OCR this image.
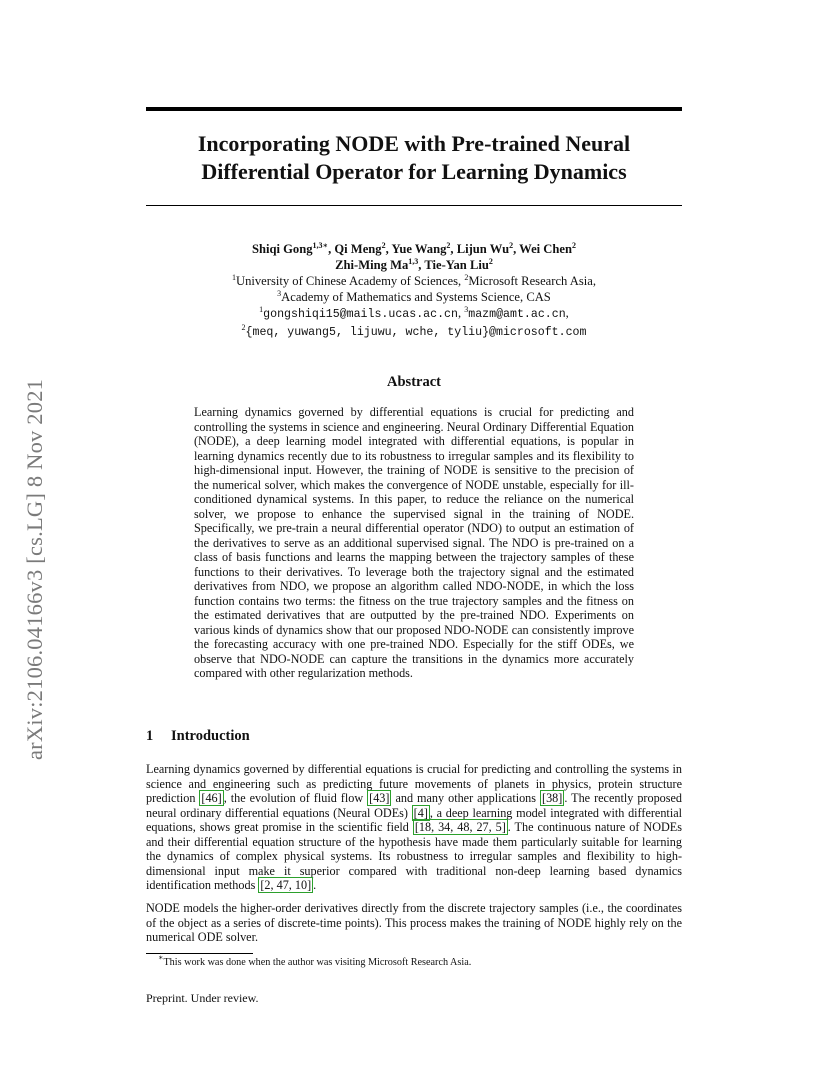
arXiv:2106.04166v3 [cs.LG] 8 Nov 2021
Incorporating NODE with Pre-trained Neural
Differential Operator for Learning Dynamics
Shiqi Gong$^{1,3∗}$, Qi Meng$^2$, Yue Wang$^2$, Lijun Wu$^2$, Wei Chen$^2$
Zhi-Ming Ma$^{1,3}$, Tie-Yan Liu$^2$
$^1$University of Chinese Academy of Sciences, $^2$Microsoft Research Asia,
$^3$Academy of Mathematics and Systems Science, CAS
$^1$gongshiqi15@mails.ucas.ac.cn, $^3$mazm@amt.ac.cn,
$^2${meq, yuwang5, lijuwu, wche, tyliu}@microsoft.com
Abstract
Learning dynamics governed by differential equations is crucial for predicting and controlling the systems in science and engineering. Neural Ordinary Differential Equation (NODE), a deep learning model integrated with differential equations, is popular in learning dynamics recently due to its robustness to irregular samples and its flexibility to high-dimensional input. However, the training of NODE is sensitive to the precision of the numerical solver, which makes the convergence of NODE unstable, especially for ill-conditioned dynamical systems. In this paper, to reduce the reliance on the numerical solver, we propose to enhance the supervised signal in the training of NODE. Specifically, we pre-train a neural differential operator (NDO) to output an estimation of the derivatives to serve as an additional supervised signal. The NDO is pre-trained on a class of basis functions and learns the mapping between the trajectory samples of these functions to their derivatives. To leverage both the trajectory signal and the estimated derivatives from NDO, we propose an algorithm called NDO-NODE, in which the loss function contains two terms: the fitness on the true trajectory samples and the fitness on the estimated derivatives that are outputted by the pre-trained NDO. Experiments on various kinds of dynamics show that our proposed NDO-NODE can consistently improve the forecasting accuracy with one pre-trained NDO. Especially for the stiff ODEs, we observe that NDO-NODE can capture the transitions in the dynamics more accurately compared with other regularization methods.
1 Introduction
Learning dynamics governed by differential equations is crucial for predicting and controlling the systems in science and engineering such as predicting future movements of planets in physics, protein structure prediction [46] , the evolution of fluid flow [43] and many other applications [38] . The recently proposed neural ordinary differential equations (Neural ODEs) [4] , a deep learning model integrated with differential equations, shows great promise in the scientific field [18, 34, 48, 27, 5] . The continuous nature of NODEs and their differential equation structure of the hypothesis have made them particularly suitable for learning the dynamics of complex physical systems. Its robustness to irregular samples and flexibility to high-dimensional input make it superior compared with traditional non-deep learning based dynamics identification methods [2, 47, 10] .
NODE models the higher-order derivatives directly from the discrete trajectory samples (i.e., the coordinates of the object as a series of discrete-time points). This process makes the training of NODE highly rely on the numerical ODE solver.
∗This work was done when the author was visiting Microsoft Research Asia.
Preprint. Under review.
